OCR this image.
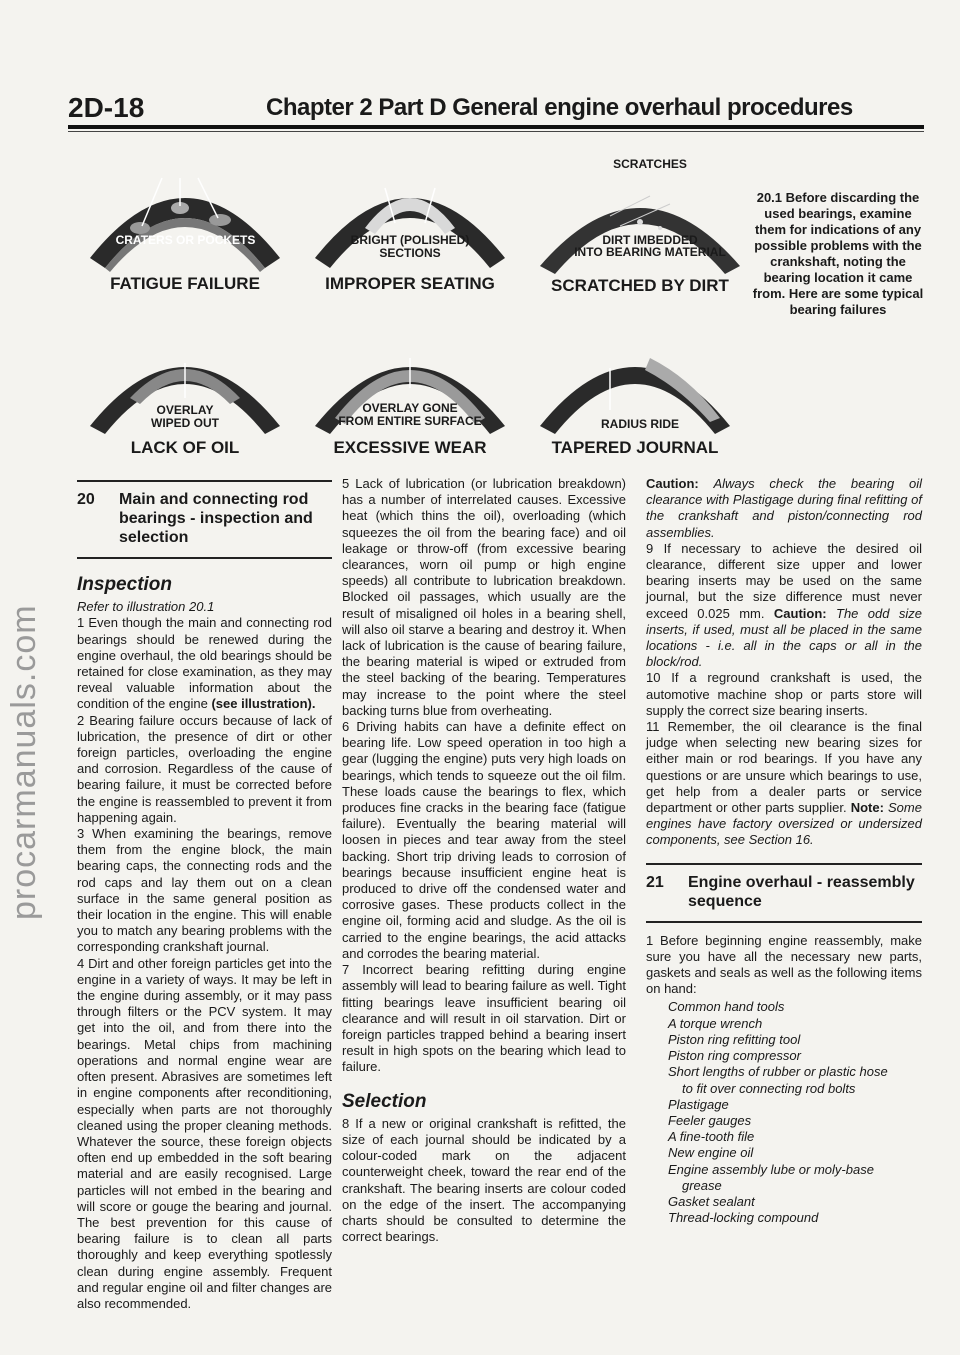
procarmanuals.com
2D-18	Chapter 2 Part D General engine overhaul procedures
CRATERS OR POCKETS
FATIGUE FAILURE
BRIGHT (POLISHED)
SECTIONS
IMPROPER SEATING
SCRATCHES
DIRT IMBEDDED
INTO BEARING MATERIAL
SCRATCHED BY DIRT
OVERLAY
WIPED OUT
LACK OF OIL
OVERLAY GONE
FROM ENTIRE SURFACE
EXCESSIVE WEAR
RADIUS RIDE
TAPERED JOURNAL
20.1 Before discarding the used bearings, examine them for indications of any possible problems with the crankshaft, noting the bearing location it came from. Here are some typical bearing failures
20 Main and connecting rod bearings - inspection and selection
Inspection

Refer to illustration 20.1

1 Even though the main and connecting rod bearings should be renewed during the engine overhaul, the old bearings should be retained for close examination, as they may reveal valuable information about the condition of the engine (see illustration).

2 Bearing failure occurs because of lack of lubrication, the presence of dirt or other foreign particles, overloading the engine and corrosion. Regardless of the cause of bearing failure, it must be corrected before the engine is reassembled to prevent it from happening again.

3 When examining the bearings, remove them from the engine block, the main bearing caps, the connecting rods and the rod caps and lay them out on a clean surface in the same general position as their location in the engine. This will enable you to match any bearing problems with the corresponding crankshaft journal.

4 Dirt and other foreign particles get into the engine in a variety of ways. It may be left in the engine during assembly, or it may pass through filters or the PCV system. It may get into the oil, and from there into the bearings. Metal chips from machining operations and normal engine wear are often present. Abrasives are sometimes left in engine components after reconditioning, especially when parts are not thoroughly cleaned using the proper cleaning methods. Whatever the source, these foreign objects often end up embedded in the soft bearing material and are easily recognised. Large particles will not embed in the bearing and will score or gouge the bearing and journal. The best prevention for this cause of bearing failure is to clean all parts thoroughly and keep everything spotlessly clean during engine assembly. Frequent and regular engine oil and filter changes are also recommended.

5 Lack of lubrication (or lubrication breakdown) has a number of interrelated causes. Excessive heat (which thins the oil), overloading (which squeezes the oil from the bearing face) and oil leakage or throw-off (from excessive bearing clearances, worn oil pump or high engine speeds) all contribute to lubrication breakdown. Blocked oil passages, which usually are the result of misaligned oil holes in a bearing shell, will also oil starve a bearing and destroy it. When lack of lubrication is the cause of bearing failure, the bearing material is wiped or extruded from the steel backing of the bearing. Temperatures may increase to the point where the steel backing turns blue from overheating.

6 Driving habits can have a definite effect on bearing life. Low speed operation in too high a gear (lugging the engine) puts very high loads on bearings, which tends to squeeze out the oil film. These loads cause the bearings to flex, which produces fine cracks in the bearing face (fatigue failure). Eventually the bearing material will loosen in pieces and tear away from the steel backing. Short trip driving leads to corrosion of bearings because insufficient engine heat is produced to drive off the condensed water and corrosive gases. These products collect in the engine oil, forming acid and sludge. As the oil is carried to the engine bearings, the acid attacks and corrodes the bearing material.

7 Incorrect bearing refitting during engine assembly will lead to bearing failure as well. Tight fitting bearings leave insufficient bearing oil clearance and will result in oil starvation. Dirt or foreign particles trapped behind a bearing insert result in high spots on the bearing which lead to failure.

Selection

8 If a new or original crankshaft is refitted, the size of each journal should be indicated by a colour-coded mark on the adjacent counterweight cheek, toward the rear end of the crankshaft. The bearing inserts are colour coded on the edge of the insert. The accompanying charts should be consulted to determine the correct bearings.

Caution: Always check the bearing oil clearance with Plastigage during final refitting of the crankshaft and piston/connecting rod assemblies.

9 If necessary to achieve the desired oil clearance, different size upper and lower bearing inserts may be used on the same journal, but the size difference must never exceed 0.025 mm. Caution: The odd size inserts, if used, must all be placed in the same locations - i.e. all in the caps or all in the block/rod.

10 If a reground crankshaft is used, the automotive machine shop or parts store will supply the correct size bearing inserts.

11 Remember, the oil clearance is the final judge when selecting new bearing sizes for either main or rod bearings. If you have any questions or are unsure which bearings to use, get help from a dealer parts or service department or other parts supplier. Note: Some engines have factory oversized or undersized components, see Section 16.

21 Engine overhaul - reassembly sequence

1 Before beginning engine reassembly, make sure you have all the necessary new parts, gaskets and seals as well as the following items on hand:

Common hand tools
A torque wrench
Piston ring refitting tool
Piston ring compressor
Short lengths of rubber or plastic hose
to fit over connecting rod bolts
Plastigage
Feeler gauges
A fine-tooth file
New engine oil
Engine assembly lube or moly-base
grease
Gasket sealant
Thread-locking compound
